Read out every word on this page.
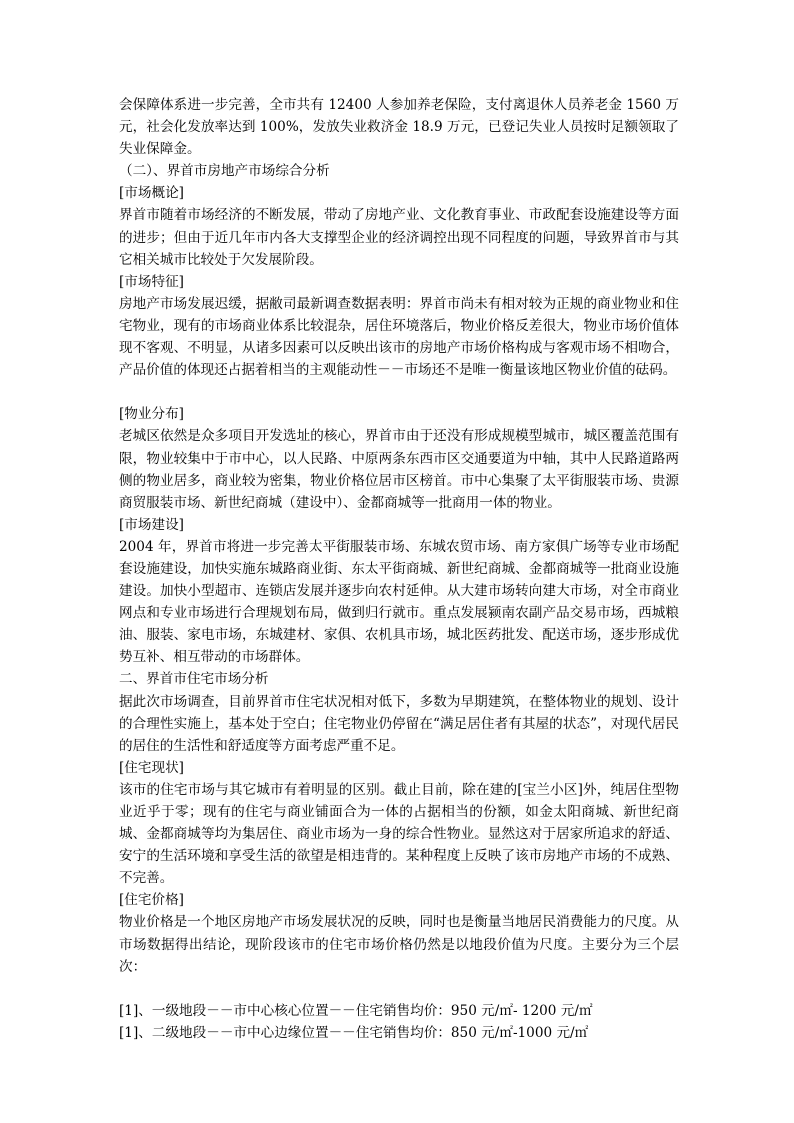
会保障体系进一步完善，全市共有 12400 人参加养老保险，支付离退休人员养老金 1560 万元，社会化发放率达到 100%，发放失业救济金 18.9 万元，已登记失业人员按时足额领取了失业保障金。

（二）、界首市房地产市场综合分析

[市场概论]

界首市随着市场经济的不断发展，带动了房地产业、文化教育事业、市政配套设施建设等方面的进步；但由于近几年市内各大支撑型企业的经济调控出现不同程度的问题，导致界首市与其它相关城市比较处于欠发展阶段。

[市场特征]

房地产市场发展迟缓，据敝司最新调查数据表明：界首市尚未有相对较为正规的商业物业和住宅物业，现有的市场商业体系比较混杂，居住环境落后，物业价格反差很大，物业市场价值体现不客观、不明显，从诸多因素可以反映出该市的房地产市场价格构成与客观市场不相吻合，产品价值的体现还占据着相当的主观能动性－－市场还不是唯一衡量该地区物业价值的砝码。

[物业分布]

老城区依然是众多项目开发选址的核心，界首市由于还没有形成规模型城市，城区覆盖范围有限，物业较集中于市中心，以人民路、中原两条东西市区交通要道为中轴，其中人民路道路两侧的物业居多，商业较为密集，物业价格位居市区榜首。市中心集聚了太平街服装市场、贵源商贸服装市场、新世纪商城（建设中）、金都商城等一批商用一体的物业。

[市场建设]

2004 年，界首市将进一步完善太平街服装市场、东城农贸市场、南方家俱广场等专业市场配套设施建设，加快实施东城路商业街、东太平街商城、新世纪商城、金都商城等一批商业设施建设。加快小型超市、连锁店发展并逐步向农村延伸。从大建市场转向建大市场，对全市商业网点和专业市场进行合理规划布局，做到归行就市。重点发展颍南农副产品交易市场，西城粮油、服装、家电市场，东城建材、家俱、农机具市场，城北医药批发、配送市场，逐步形成优势互补、相互带动的市场群体。

二、界首市住宅市场分析

据此次市场调查，目前界首市住宅状况相对低下，多数为早期建筑，在整体物业的规划、设计的合理性实施上，基本处于空白；住宅物业仍停留在“满足居住者有其屋的状态”，对现代居民的居住的生活性和舒适度等方面考虑严重不足。

[住宅现状]

该市的住宅市场与其它城市有着明显的区别。截止目前，除在建的[宝兰小区]外，纯居住型物业近乎于零；现有的住宅与商业铺面合为一体的占据相当的份额，如金太阳商城、新世纪商城、金都商城等均为集居住、商业市场为一身的综合性物业。显然这对于居家所追求的舒适、安宁的生活环境和享受生活的欲望是相违背的。某种程度上反映了该市房地产市场的不成熟、不完善。

[住宅价格]

物业价格是一个地区房地产市场发展状况的反映，同时也是衡量当地居民消费能力的尺度。从市场数据得出结论，现阶段该市的住宅市场价格仍然是以地段价值为尺度。主要分为三个层次：

[1]、一级地段－－市中心核心位置－－住宅销售均价：950 元/㎡- 1200 元/㎡

[1]、二级地段－－市中心边缘位置－－住宅销售均价：850 元/㎡-1000 元/㎡
